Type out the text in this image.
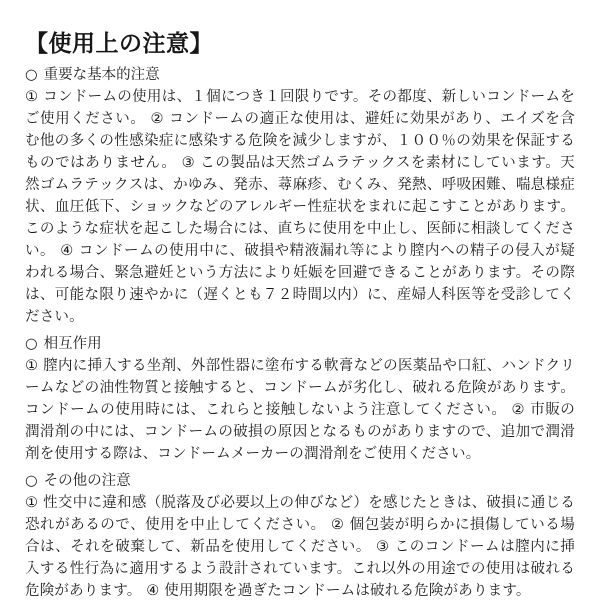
【使用上の注意】
○ 重要な基本的注意

① コンドームの使用は、１個につき１回限りです。その都度、新しいコンドームをご使用ください。 ② コンドームの適正な使用は、避妊に効果があり、エイズを含む他の多くの性感染症に感染する危険を減少しますが、１００％の効果を保証するものではありません。 ③ この製品は天然ゴムラテックスを素材にしています。天然ゴムラテックスは、かゆみ、発赤、蕁麻疹、むくみ、発熱、呼吸困難、喘息様症状、血圧低下、ショックなどのアレルギー性症状をまれに起こすことがあります。このような症状を起こした場合には、直ちに使用を中止し、医師に相談してください。 ④ コンドームの使用中に、破損や精液漏れ等により膣内への精子の侵入が疑われる場合、緊急避妊という方法により妊娠を回避できることがあります。その際は、可能な限り速やかに（遅くとも７２時間以内）に、産婦人科医等を受診してください。

○ 相互作用

① 膣内に挿入する坐剤、外部性器に塗布する軟膏などの医薬品や口紅、ハンドクリームなどの油性物質と接触すると、コンドームが劣化し、破れる危険があります。コンドームの使用時には、これらと接触しないよう注意してください。 ② 市販の潤滑剤の中には、コンドームの破損の原因となるものがありますので、追加で潤滑剤を使用する際は、コンドームメーカーの潤滑剤をご使用ください。

○ その他の注意

① 性交中に違和感（脱落及び必要以上の伸びなど）を感じたときは、破損に通じる恐れがあるので、使用を中止してください。 ② 個包装が明らかに損傷している場合は、それを破棄して、新品を使用してください。 ③ このコンドームは膣内に挿入する性行為に適用するよう設計されています。これ以外の用途での使用は破れる危険があります。 ④ 使用期限を過ぎたコンドームは破れる危険があります。
